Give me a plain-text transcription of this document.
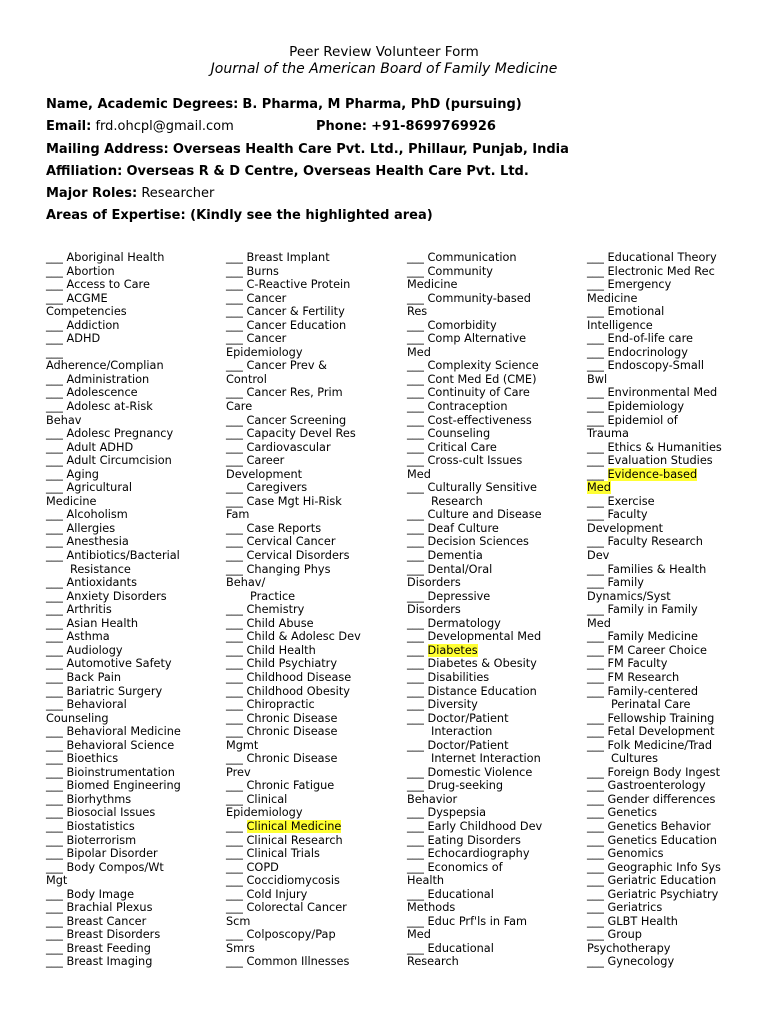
Peer Review Volunteer Form
Journal of the American Board of Family Medicine
Name, Academic Degrees: B. Pharma, M Pharma, PhD (pursuing)
Email: frd.ohcpl@gmail.com	Phone: +91-8699769926
Mailing Address: Overseas Health Care Pvt. Ltd., Phillaur, Punjab, India
Affiliation: Overseas R & D Centre, Overseas Health Care Pvt. Ltd.
Major Roles: Researcher
Areas of Expertise: (Kindly see the highlighted area)
___ Aboriginal Health
___ Abortion
___ Access to Care
___ ACGME
Competencies
___ Addiction
___ ADHD
___
Adherence/Complian
___ Administration
___ Adolescence
___ Adolesc at-Risk
Behav
___ Adolesc Pregnancy
___ Adult ADHD
___ Adult Circumcision
___ Aging
___ Agricultural
Medicine
___ Alcoholism
___ Allergies
___ Anesthesia
___ Antibiotics/Bacterial
Resistance
___ Antioxidants
___ Anxiety Disorders
___ Arthritis
___ Asian Health
___ Asthma
___ Audiology
___ Automotive Safety
___ Back Pain
___ Bariatric Surgery
___ Behavioral
Counseling
___ Behavioral Medicine
___ Behavioral Science
___ Bioethics
___ Bioinstrumentation
___ Biomed Engineering
___ Biorhythms
___ Biosocial Issues
___ Biostatistics
___ Bioterrorism
___ Bipolar Disorder
___ Body Compos/Wt
Mgt
___ Body Image
___ Brachial Plexus
___ Breast Cancer
___ Breast Disorders
___ Breast Feeding
___ Breast Imaging
___ Breast Implant
___ Burns
___ C-Reactive Protein
___ Cancer
___ Cancer & Fertility
___ Cancer Education
___ Cancer
Epidemiology
___ Cancer Prev &
Control
___ Cancer Res, Prim
Care
___ Cancer Screening
___ Capacity Devel Res
___ Cardiovascular
___ Career
Development
___ Caregivers
___ Case Mgt Hi-Risk
Fam
___ Case Reports
___ Cervical Cancer
___ Cervical Disorders
___ Changing Phys
Behav/
Practice
___ Chemistry
___ Child Abuse
___ Child & Adolesc Dev
___ Child Health
___ Child Psychiatry
___ Childhood Disease
___ Childhood Obesity
___ Chiropractic
___ Chronic Disease
___ Chronic Disease
Mgmt
___ Chronic Disease
Prev
___ Chronic Fatigue
___ Clinical
Epidemiology
___ Clinical Medicine
___ Clinical Research
___ Clinical Trials
___ COPD
___ Coccidiomycosis
___ Cold Injury
___ Colorectal Cancer
Scm
___ Colposcopy/Pap
Smrs
___ Common Illnesses
___ Communication
___ Community
Medicine
___ Community-based
Res
___ Comorbidity
___ Comp Alternative
Med
___ Complexity Science
___ Cont Med Ed (CME)
___ Continuity of Care
___ Contraception
___ Cost-effectiveness
___ Counseling
___ Critical Care
___ Cross-cult Issues
Med
___ Culturally Sensitive
Research
___ Culture and Disease
___ Deaf Culture
___ Decision Sciences
___ Dementia
___ Dental/Oral
Disorders
___ Depressive
Disorders
___ Dermatology
___ Developmental Med
___ Diabetes
___ Diabetes & Obesity
___ Disabilities
___ Distance Education
___ Diversity
___ Doctor/Patient
Interaction
___ Doctor/Patient
Internet Interaction
___ Domestic Violence
___ Drug-seeking
Behavior
___ Dyspepsia
___ Early Childhood Dev
___ Eating Disorders
___ Echocardiography
___ Economics of
Health
___ Educational
Methods
___ Educ Prf'ls in Fam
Med
___ Educational
Research
___ Educational Theory
___ Electronic Med Rec
___ Emergency
Medicine
___ Emotional
Intelligence
___ End-of-life care
___ Endocrinology
___ Endoscopy-Small
Bwl
___ Environmental Med
___ Epidemiology
___ Epidemiol of
Trauma
___ Ethics & Humanities
___ Evaluation Studies
___ Evidence-based
Med
___ Exercise
___ Faculty
Development
___ Faculty Research
Dev
___ Families & Health
___ Family
Dynamics/Syst
___ Family in Family
Med
___ Family Medicine
___ FM Career Choice
___ FM Faculty
___ FM Research
___ Family-centered
Perinatal Care
___ Fellowship Training
___ Fetal Development
___ Folk Medicine/Trad
Cultures
___ Foreign Body Ingest
___ Gastroenterology
___ Gender differences
___ Genetics
___ Genetics Behavior
___ Genetics Education
___ Genomics
___ Geographic Info Sys
___ Geriatric Education
___ Geriatric Psychiatry
___ Geriatrics
___ GLBT Health
___ Group
Psychotherapy
___ Gynecology
